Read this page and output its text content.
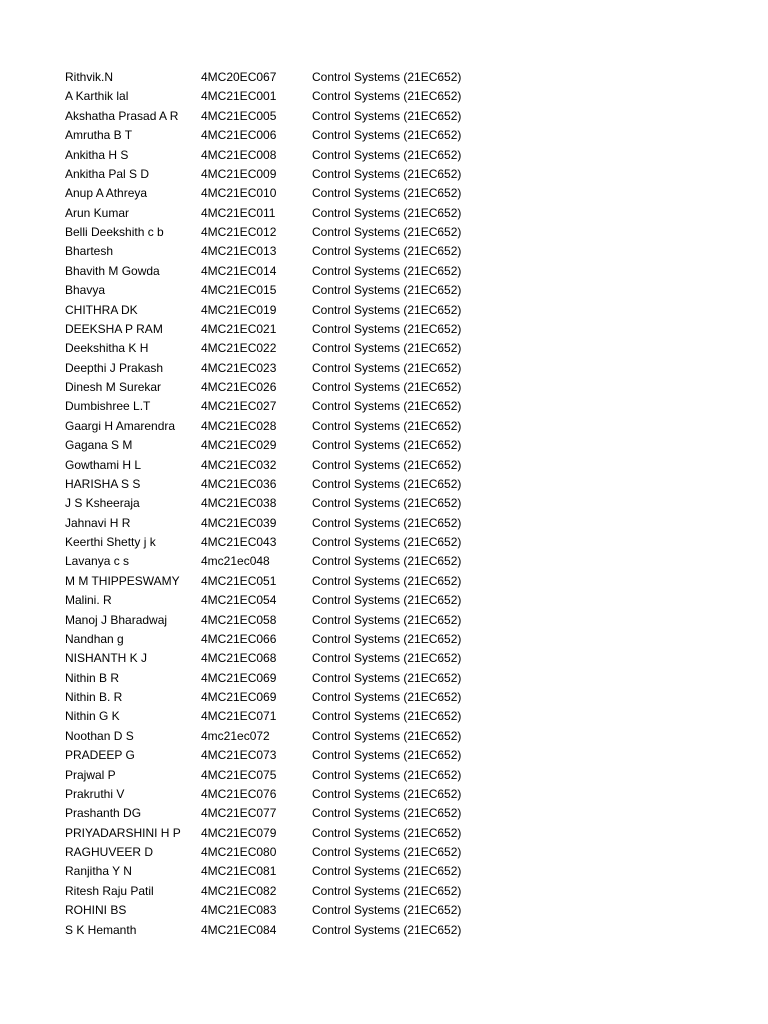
Rithvik.N	4MC20EC067	Control Systems (21EC652)
A Karthik lal	4MC21EC001	Control Systems (21EC652)
Akshatha Prasad A R 4MC21EC005	Control Systems (21EC652)
Amrutha B T	4MC21EC006	Control Systems (21EC652)
Ankitha H S	4MC21EC008	Control Systems (21EC652)
Ankitha Pal S D	4MC21EC009	Control Systems (21EC652)
Anup A Athreya	4MC21EC010	Control Systems (21EC652)
Arun Kumar	4MC21EC011	Control Systems (21EC652)
Belli Deekshith c b	4MC21EC012	Control Systems (21EC652)
Bhartesh	4MC21EC013	Control Systems (21EC652)
Bhavith M Gowda	4MC21EC014	Control Systems (21EC652)
Bhavya	4MC21EC015	Control Systems (21EC652)
CHITHRA DK	4MC21EC019	Control Systems (21EC652)
DEEKSHA P RAM	4MC21EC021	Control Systems (21EC652)
Deekshitha K H	4MC21EC022	Control Systems (21EC652)
Deepthi J Prakash	4MC21EC023	Control Systems (21EC652)
Dinesh M Surekar	4MC21EC026	Control Systems (21EC652)
Dumbishree L.T	4MC21EC027	Control Systems (21EC652)
Gaargi H Amarendra 4MC21EC028	Control Systems (21EC652)
Gagana S M	4MC21EC029	Control Systems (21EC652)
Gowthami H L	4MC21EC032	Control Systems (21EC652)
HARISHA S S	4MC21EC036	Control Systems (21EC652)
J S Ksheeraja	4MC21EC038	Control Systems (21EC652)
Jahnavi H R	4MC21EC039	Control Systems (21EC652)
Keerthi Shetty j k	4MC21EC043	Control Systems (21EC652)
Lavanya c s	4mc21ec048	Control Systems (21EC652)
M M THIPPESWAMY 4MC21EC051	Control Systems (21EC652)
Malini. R	4MC21EC054	Control Systems (21EC652)
Manoj J Bharadwaj	4MC21EC058	Control Systems (21EC652)
Nandhan g	4MC21EC066	Control Systems (21EC652)
NISHANTH K J	4MC21EC068	Control Systems (21EC652)
Nithin B R	4MC21EC069	Control Systems (21EC652)
Nithin B. R	4MC21EC069	Control Systems (21EC652)
Nithin G K	4MC21EC071	Control Systems (21EC652)
Noothan D S	4mc21ec072	Control Systems (21EC652)
PRADEEP G	4MC21EC073	Control Systems (21EC652)
Prajwal P	4MC21EC075	Control Systems (21EC652)
Prakruthi V	4MC21EC076	Control Systems (21EC652)
Prashanth DG	4MC21EC077	Control Systems (21EC652)
PRIYADARSHINI H P 4MC21EC079	Control Systems (21EC652)
RAGHUVEER D	4MC21EC080	Control Systems (21EC652)
Ranjitha Y N	4MC21EC081	Control Systems (21EC652)
Ritesh Raju Patil	4MC21EC082	Control Systems (21EC652)
ROHINI BS	4MC21EC083	Control Systems (21EC652)
S K Hemanth	4MC21EC084	Control Systems (21EC652)
